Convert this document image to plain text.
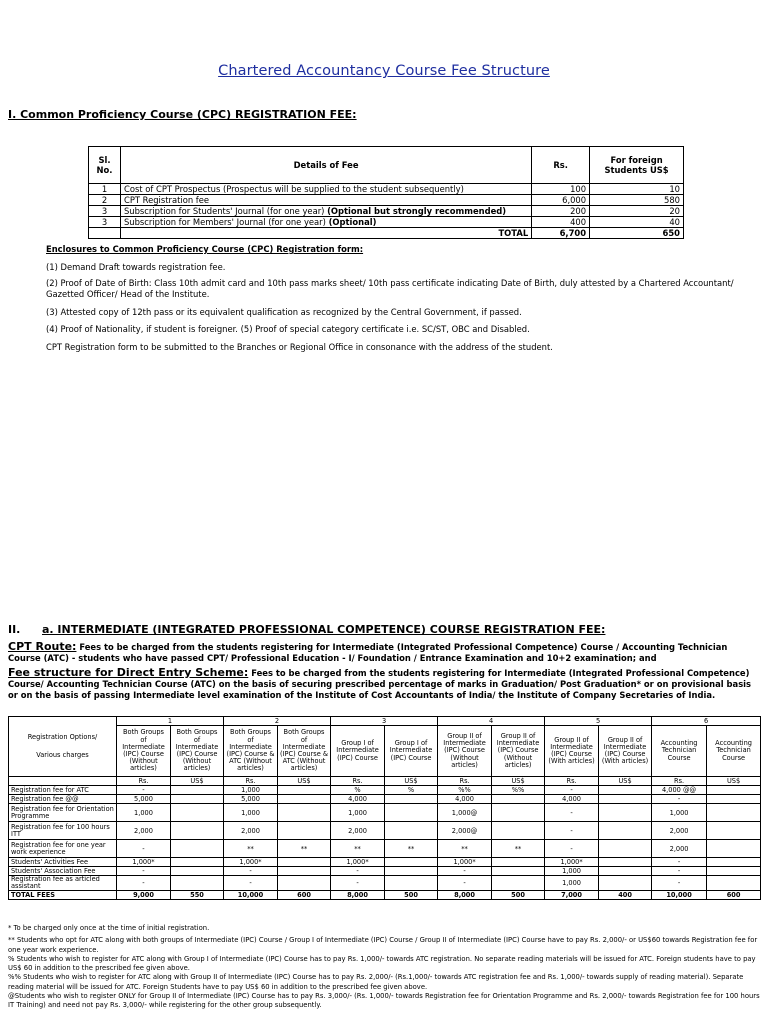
Chartered Accountancy Course Fee Structure
I. Common Proficiency Course (CPC) REGISTRATION FEE:
Sl. No.	Details of Fee	Rs.	For foreign Students US$
1	Cost of CPT Prospectus (Prospectus will be supplied to the student subsequently)	100	10
2	CPT Registration fee	6,000	580
3	Subscription for Students' Journal (for one year) (Optional but strongly recommended)	200	20
3	Subscription for Members' Journal (for one year) (Optional)	400	40
	TOTAL	6,700	650
Enclosures to Common Proficiency Course (CPC) Registration form:
(1) Demand Draft towards registration fee.
(2) Proof of Date of Birth: Class 10th admit card and 10th pass marks sheet/ 10th pass certificate indicating Date of Birth, duly attested by a Chartered Accountant/ Gazetted Officer/ Head of the Institute.
(3) Attested copy of 12th pass or its equivalent qualification as recognized by the Central Government, if passed.
(4) Proof of Nationality, if student is foreigner. (5) Proof of special category certificate i.e. SC/ST, OBC and Disabled.
CPT Registration form to be submitted to the Branches or Regional Office in consonance with the address of the student.
II. a. INTERMEDIATE (INTEGRATED PROFESSIONAL COMPETENCE) COURSE REGISTRATION FEE:
CPT Route: Fees to be charged from the students registering for Intermediate (Integrated Professional Competence) Course / Accounting Technician Course (ATC) - students who have passed CPT/ Professional Education - I/ Foundation / Entrance Examination and 10+2 examination; and
Fee structure for Direct Entry Scheme: Fees to be charged from the students registering for Intermediate (Integrated Professional Competence) Course/ Accounting Technician Course (ATC) on the basis of securing prescribed percentage of marks in Graduation/ Post Graduation* or on provisional basis or on the basis of passing Intermediate level examination of the Institute of Cost Accountants of India/ the Institute of Company Secretaries of India.
Registration Options/

Various charges	1		2		3		4		5		6	
	Both Groups of Intermediate (IPC) Course (Without articles)	Both Groups of Intermediate (IPC) Course (Without articles)	Both Groups of Intermediate (IPC) Course & ATC (Without articles)	Both Groups of Intermediate (IPC) Course & ATC (Without articles)	Group I of Intermediate (IPC) Course	Group I of Intermediate (IPC) Course	Group II of Intermediate (IPC) Course (Without articles)	Group II of Intermediate (IPC) Course (Without articles)	Group II of Intermediate (IPC) Course (With articles)	Group II of Intermediate (IPC) Course (With articles)	Accounting Technician Course	Accounting Technician Course
	Rs.	US$	Rs.	US$	Rs.	US$	Rs.	US$	Rs.	US$	Rs.	US$
Registration fee for ATC	-		1,000		%	%	%%	%%	-		4,000 @@	
Registration fee @@	5,000		5,000		4,000		4,000		4,000		-	
Registration fee for Orientation Programme	1,000		1,000		1,000		1,000@		-		1,000	
Registration fee for 100 hours ITT	2,000		2,000		2,000		2,000@		-		2,000	
Registration fee for one year work experience	-		**	**	**	**	**	**	-		2,000	
Students' Activities Fee	1,000*		1,000*		1,000*		1,000*		1,000*		-	
Students' Association Fee	-		-		-		-		1,000		-	
Registration fee as articled assistant	-		-		-		-		1,000		-	
TOTAL FEES	9,000	550	10,000	600	8,000	500	8,000	500	7,000	400	10,000	600
* To be charged only once at the time of initial registration.
** Students who opt for ATC along with both groups of Intermediate (IPC) Course / Group I of Intermediate (IPC) Course / Group II of Intermediate (IPC) Course have to pay Rs. 2,000/- or US$60 towards Registration fee for one year work experience.
% Students who wish to register for ATC along with Group I of Intermediate (IPC) Course has to pay Rs. 1,000/- towards ATC registration. No separate reading materials will be issued for ATC. Foreign students have to pay US$ 60 in addition to the prescribed fee given above.
%% Students who wish to register for ATC along with Group II of Intermediate (IPC) Course has to pay Rs. 2,000/- (Rs.1,000/- towards ATC registration fee and Rs. 1,000/- towards supply of reading material). Separate reading material will be issued for ATC. Foreign Students have to pay US$ 60 in addition to the prescribed fee given above.
@Students who wish to register ONLY for Group II of Intermediate (IPC) Course has to pay Rs. 3,000/- (Rs. 1,000/- towards Registration fee for Orientation Programme and Rs. 2,000/- towards Registration fee for 100 hours IT Training) and need not pay Rs. 3,000/- while registering for the other group subsequently.
